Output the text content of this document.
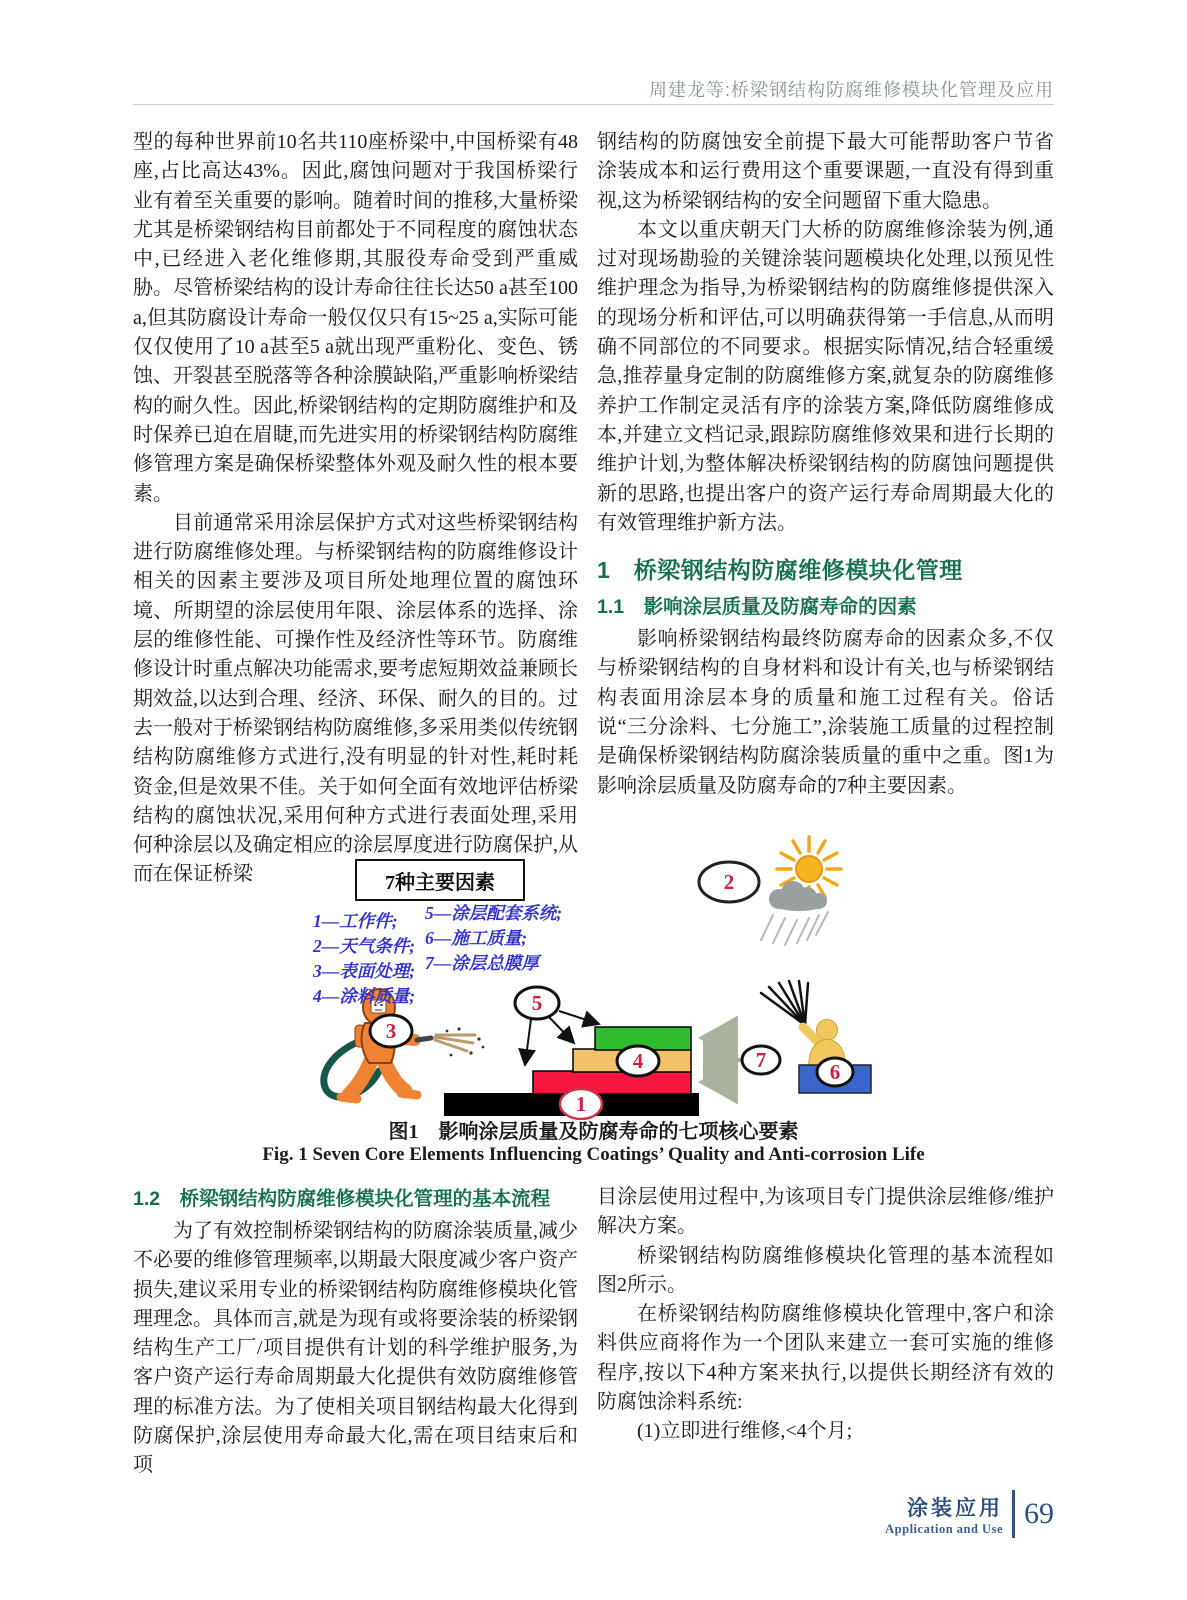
周建龙等:桥梁钢结构防腐维修模块化管理及应用

型的每种世界前10名共110座桥梁中,中国桥梁有48座,占比高达43%。因此,腐蚀问题对于我国桥梁行业有着至关重要的影响。随着时间的推移,大量桥梁尤其是桥梁钢结构目前都处于不同程度的腐蚀状态中,已经进入老化维修期,其服役寿命受到严重威胁。尽管桥梁结构的设计寿命往往长达50 a甚至100 a,但其防腐设计寿命一般仅仅只有15~25 a,实际可能仅仅使用了10 a甚至5 a就出现严重粉化、变色、锈蚀、开裂甚至脱落等各种涂膜缺陷,严重影响桥梁结构的耐久性。因此,桥梁钢结构的定期防腐维护和及时保养已迫在眉睫,而先进实用的桥梁钢结构防腐维修管理方案是确保桥梁整体外观及耐久性的根本要素。

目前通常采用涂层保护方式对这些桥梁钢结构进行防腐维修处理。与桥梁钢结构的防腐维修设计相关的因素主要涉及项目所处地理位置的腐蚀环境、所期望的涂层使用年限、涂层体系的选择、涂层的维修性能、可操作性及经济性等环节。防腐维修设计时重点解决功能需求,要考虑短期效益兼顾长期效益,以达到合理、经济、环保、耐久的目的。过去一般对于桥梁钢结构防腐维修,多采用类似传统钢结构防腐维修方式进行,没有明显的针对性,耗时耗资金,但是效果不佳。关于如何全面有效地评估桥梁结构的腐蚀状况,采用何种方式进行表面处理,采用何种涂层以及确定相应的涂层厚度进行防腐保护,从而在保证桥梁

钢结构的防腐蚀安全前提下最大可能帮助客户节省涂装成本和运行费用这个重要课题,一直没有得到重视,这为桥梁钢结构的安全问题留下重大隐患。

本文以重庆朝天门大桥的防腐维修涂装为例,通过对现场勘验的关键涂装问题模块化处理,以预见性维护理念为指导,为桥梁钢结构的防腐维修提供深入的现场分析和评估,可以明确获得第一手信息,从而明确不同部位的不同要求。根据实际情况,结合轻重缓急,推荐量身定制的防腐维修方案,就复杂的防腐维修养护工作制定灵活有序的涂装方案,降低防腐维修成本,并建立文档记录,跟踪防腐维修效果和进行长期的维护计划,为整体解决桥梁钢结构的防腐蚀问题提供新的思路,也提出客户的资产运行寿命周期最大化的有效管理维护新方法。

1　桥梁钢结构防腐维修模块化管理
1.1　影响涂层质量及防腐寿命的因素

影响桥梁钢结构最终防腐寿命的因素众多,不仅与桥梁钢结构的自身材料和设计有关,也与桥梁钢结构表面用涂层本身的质量和施工过程有关。俗话说“三分涂料、七分施工”,涂装施工质量的过程控制是确保桥梁钢结构防腐涂装质量的重中之重。图1为影响涂层质量及防腐寿命的7种主要因素。

2
3
5
4
1
7	6
7种主要因素
1—工作件;
2—天气条件;
3—表面处理;
4—涂料质量;
5—涂层配套系统;
6—施工质量;
7—涂层总膜厚
图1　影响涂层质量及防腐寿命的七项核心要素
Fig. 1 Seven Core Elements Influencing Coatings’ Quality and Anti-corrosion Life
1.2　桥梁钢结构防腐维修模块化管理的基本流程

为了有效控制桥梁钢结构的防腐涂装质量,减少不必要的维修管理频率,以期最大限度减少客户资产损失,建议采用专业的桥梁钢结构防腐维修模块化管理理念。具体而言,就是为现有或将要涂装的桥梁钢结构生产工厂/项目提供有计划的科学维护服务,为客户资产运行寿命周期最大化提供有效防腐维修管理的标准方法。为了使相关项目钢结构最大化得到防腐保护,涂层使用寿命最大化,需在项目结束后和项

目涂层使用过程中,为该项目专门提供涂层维修/维护解决方案。

桥梁钢结构防腐维修模块化管理的基本流程如图2所示。

在桥梁钢结构防腐维修模块化管理中,客户和涂料供应商将作为一个团队来建立一套可实施的维修程序,按以下4种方案来执行,以提供长期经济有效的防腐蚀涂料系统:

(1)立即进行维修,<4个月;

涂装应用
Application and Use 69
